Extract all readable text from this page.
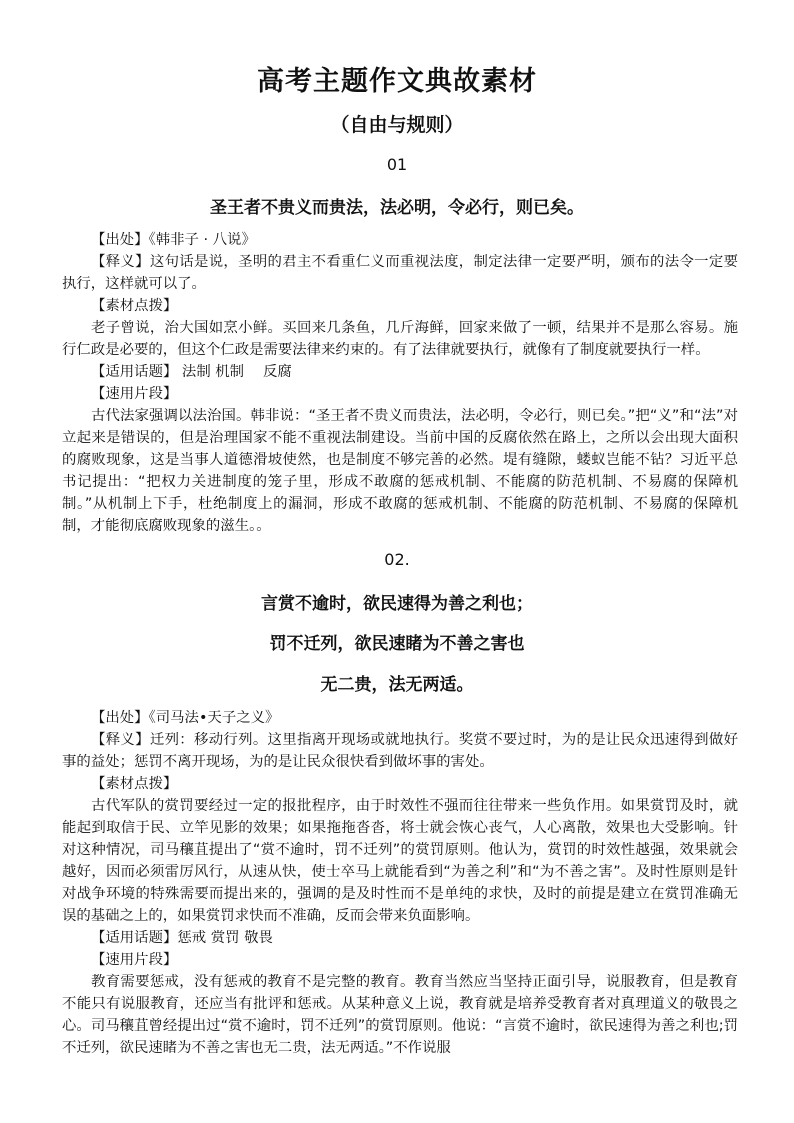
高考主题作文典故素材
（自由与规则）
01
圣王者不贵义而贵法，法必明，令必行，则已矣。

【出处】《韩非子 · 八说》

【释义】这句话是说，圣明的君主不看重仁义而重视法度，制定法律一定要严明，颁布的法令一定要执行，这样就可以了。

【素材点拨】

老子曾说，治大国如烹小鲜。买回来几条鱼，几斤海鲜，回家来做了一顿，结果并不是那么容易。施行仁政是必要的，但这个仁政是需要法律来约束的。有了法律就要执行，就像有了制度就要执行一样。

【适用话题】 法制 机制 　反腐

【速用片段】

古代法家强调以法治国。韩非说：“圣王者不贵义而贵法，法必明，令必行，则已矣。”把“义”和“法”对立起来是错误的，但是治理国家不能不重视法制建设。当前中国的反腐依然在路上，之所以会出现大面积的腐败现象，这是当事人道德滑坡使然，也是制度不够完善的必然。堤有缝隙，蝼蚁岂能不钻？习近平总书记提出：“把权力关进制度的笼子里，形成不敢腐的惩戒机制、不能腐的防范机制、不易腐的保障机制。”从机制上下手，杜绝制度上的漏洞，形成不敢腐的惩戒机制、不能腐的防范机制、不易腐的保障机制，才能彻底腐败现象的滋生。。

02.
言赏不逾时，欲民速得为善之利也；
罚不迁列，欲民速睹为不善之害也
无二贵，法无两适。

【出处】《司马法•天子之义》

【释义】迁列：移动行列。这里指离开现场或就地执行。奖赏不要过时，为的是让民众迅速得到做好事的益处；惩罚不离开现场，为的是让民众很快看到做坏事的害处。

【素材点拨】

古代军队的赏罚要经过一定的报批程序，由于时效性不强而往往带来一些负作用。如果赏罚及时，就能起到取信于民、立竿见影的效果；如果拖拖沓沓，将士就会恢心丧气，人心离散，效果也大受影响。针对这种情况，司马穰苴提出了“赏不逾时，罚不迁列”的赏罚原则。他认为，赏罚的时效性越强，效果就会越好，因而必须雷厉风行，从速从快，使士卒马上就能看到“为善之利”和“为不善之害”。及时性原则是针对战争环境的特殊需要而提出来的，强调的是及时性而不是单纯的求快，及时的前提是建立在赏罚准确无误的基础之上的，如果赏罚求快而不准确，反而会带来负面影响。

【适用话题】惩戒 赏罚 敬畏

【速用片段】

教育需要惩戒，没有惩戒的教育不是完整的教育。教育当然应当坚持正面引导，说服教育，但是教育不能只有说服教育，还应当有批评和惩戒。从某种意义上说，教育就是培养受教育者对真理道义的敬畏之心。司马穰苴曾经提出过“赏不逾时，罚不迁列”的赏罚原则。他说：“言赏不逾时，欲民速得为善之利也;罚不迁列，欲民速睹为不善之害也无二贵，法无两适。”不作说服
